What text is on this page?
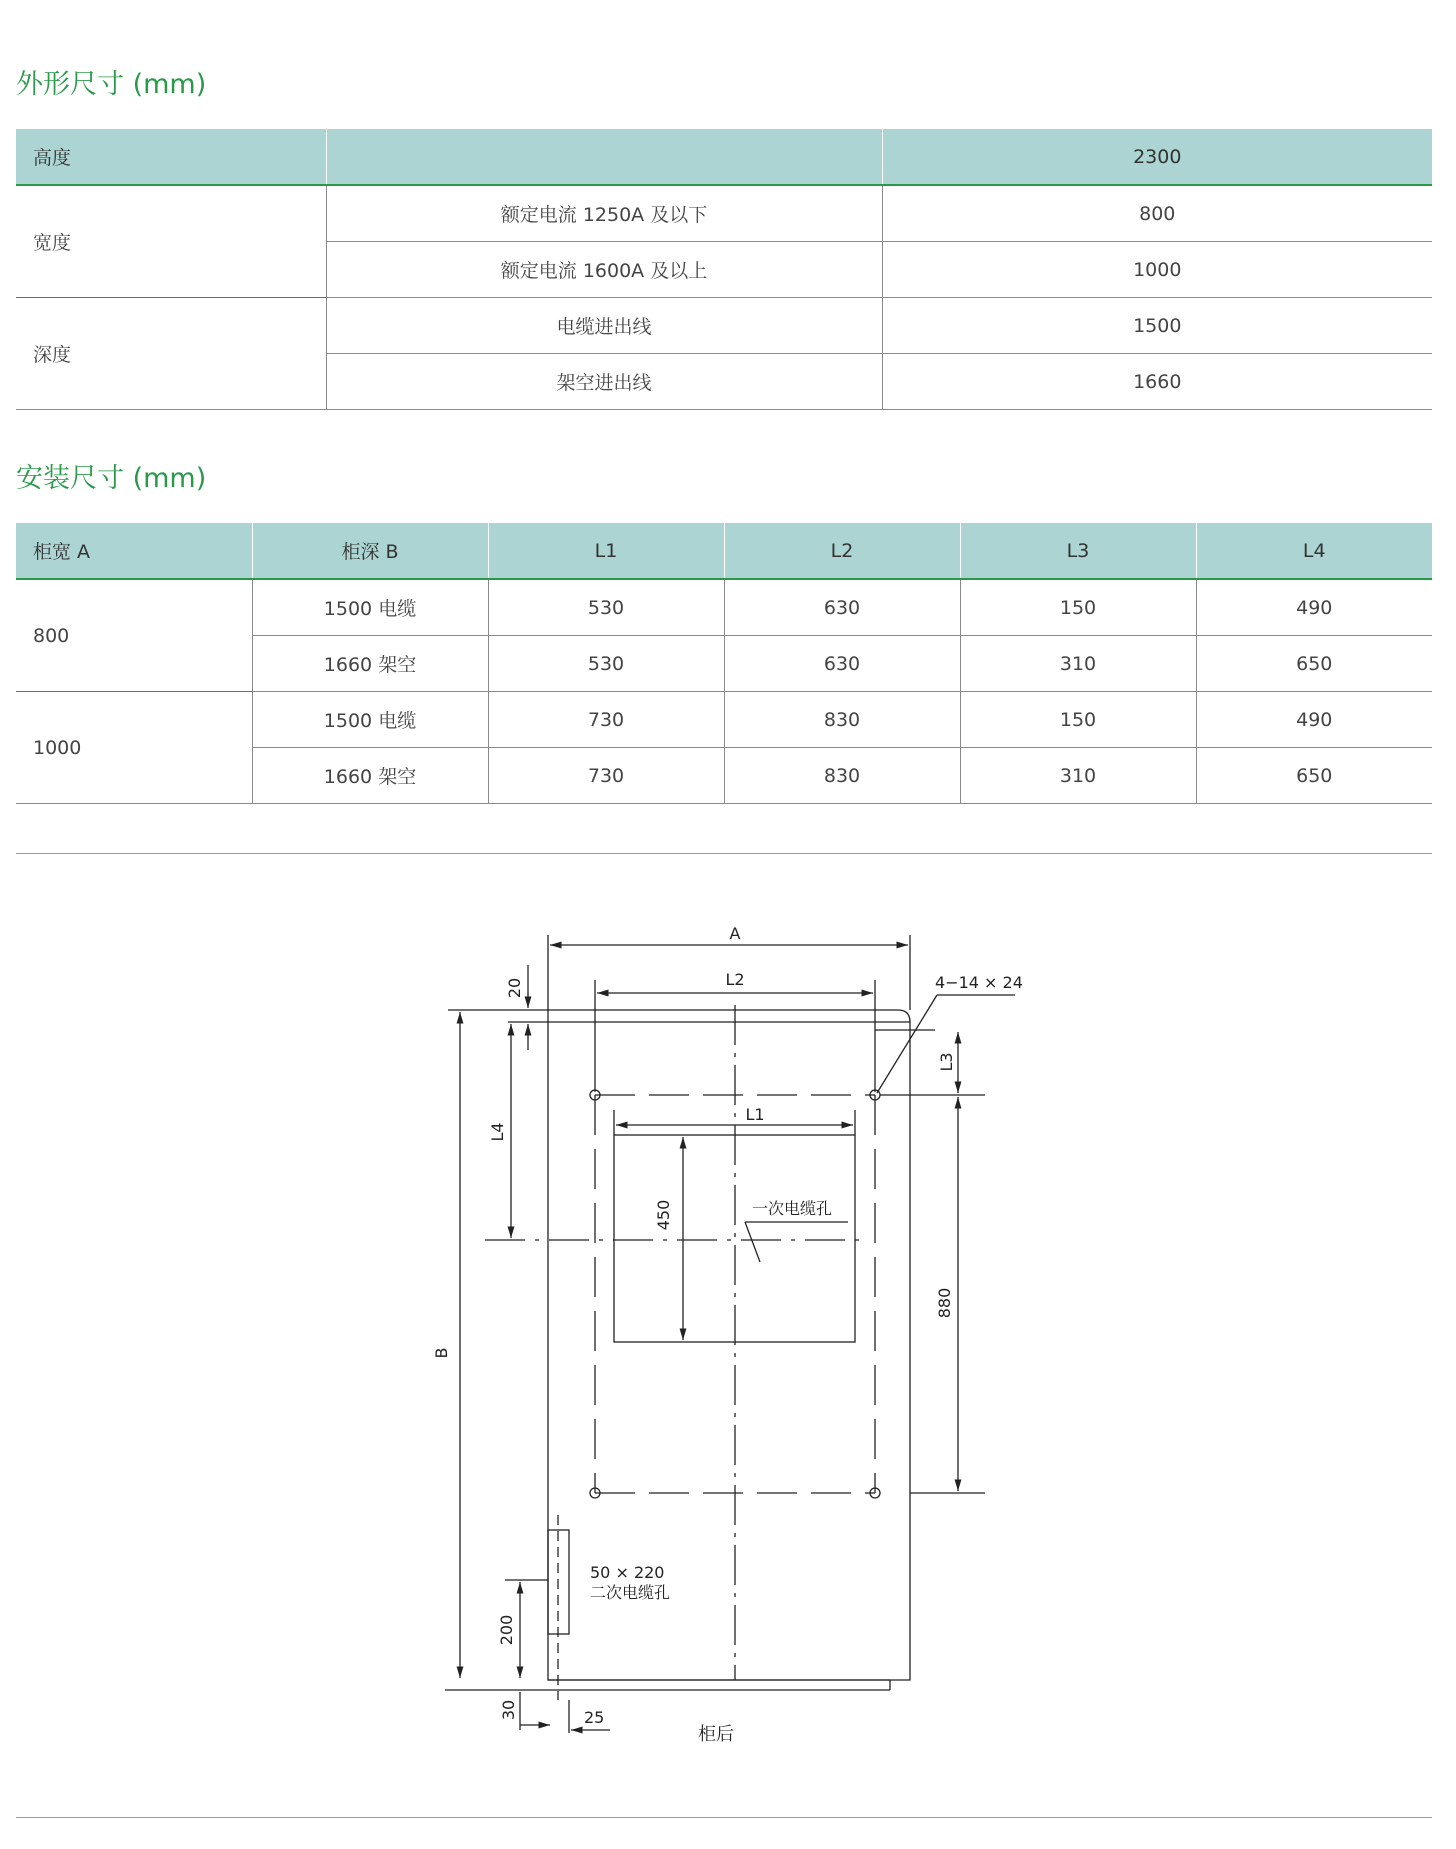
外形尺寸 (mm)
高度		2300
宽度	额定电流 1250A 及以下	800
	额定电流 1600A 及以上	1000
深度	电缆进出线	1500
	架空进出线	1660
安装尺寸 (mm)
柜宽 A	柜深 B	L1	L2	L3	L4
800	1500 电缆	530	630	150	490
	1660 架空	530	630	310	650
1000	1500 电缆	730	830	150	490
	1660 架空	730	830	310	650
A
L2
L1
4−14 × 24
一次电缆孔
50 × 220
二次电缆孔
25
柜后
20
L4
B
450
L3
880
200
30
